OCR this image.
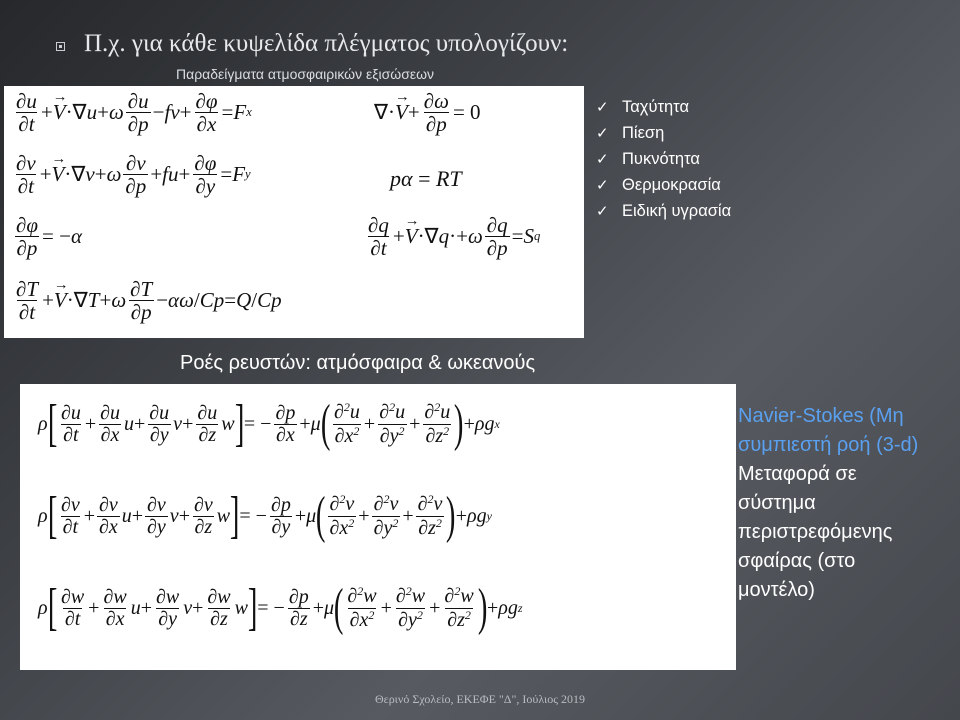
Π.χ. για κάθε κυψελίδα πλέγματος υπολογίζουν:
Παραδείγματα ατμοσφαιρικών εξισώσεων
$\frac{\partial u}{\partial t}$ + → V ·∇ u + ω $\frac{\partial u}{\partial p}$ − fv + $\frac{\partial\varphi}{\partial x} = F$ x	∇· → $V + \frac{\partial\omega}{\partial p} = 0$
$\frac{\partial v}{\partial t}$ + → V ·∇ v + ω $\frac{\partial v}{\partial p}$ + fu + $\frac{\partial\varphi}{\partial y} = F$ y	pα = RT
$\frac{\partial\varphi}{\partial p}$ = − α	$\frac{\partial q}{\partial t}$ + → V ·∇ q ·+ ω $\frac{\partial q}{\partial p} = S$ q
$\frac{\partial T}{\partial t}$ + → V ·∇ T + ω $\frac{\partial T}{\partial p} - \alpha\omega / Cp = Q / Cp$
✓ Ταχύτητα
✓ Πίεση
✓ Πυκνότητα
✓ Θερμοκρασία
✓ Ειδική υγρασία
Ροές ρευστών: ατμόσφαιρα & ωκεανούς
ρ [ $\frac{\partial u}{\partial t} + \frac{\partial u}{\partial x}$ $u + \frac{\partial u}{\partial y}$ $v + \frac{\partial u}{\partial z}$ w ] = − $\frac{\partial p}{\partial x} + \mu$ ( $\frac{\partial^2u}{\partial x^2} + \frac{\partial^2u}{\partial y^2} + \frac{\partial^2u}{\partial z^2}$ ) + ρg x
ρ [ $\frac{\partial v}{\partial t} + \frac{\partial v}{\partial x}$ $u + \frac{\partial v}{\partial y}$ $v + \frac{\partial v}{\partial z}$ w ] = − $\frac{\partial p}{\partial y} + \mu$ ( $\frac{\partial^2v}{\partial x^2} + \frac{\partial^2v}{\partial y^2} + \frac{\partial^2v}{\partial z^2}$ ) + ρg y
ρ [ $\frac{\partial w}{\partial t} + \frac{\partial w}{\partial x}$ $u + \frac{\partial w}{\partial y}$ $v + \frac{\partial w}{\partial z}$ w ] = − $\frac{\partial p}{\partial z} + \mu$ ( $\frac{\partial^2w}{\partial x^2} + \frac{\partial^2w}{\partial y^2} + \frac{\partial^2w}{\partial z^2}$ ) + ρg z
Navier-Stokes (Μη
συμπιεστή ροή (3-d)
Μεταφορά σε
σύστημα
περιστρεφόμενης
σφαίρας (στο
μοντέλο)
Θερινό Σχολείο, ΕΚΕΦΕ "Δ", Ιούλιος 2019
